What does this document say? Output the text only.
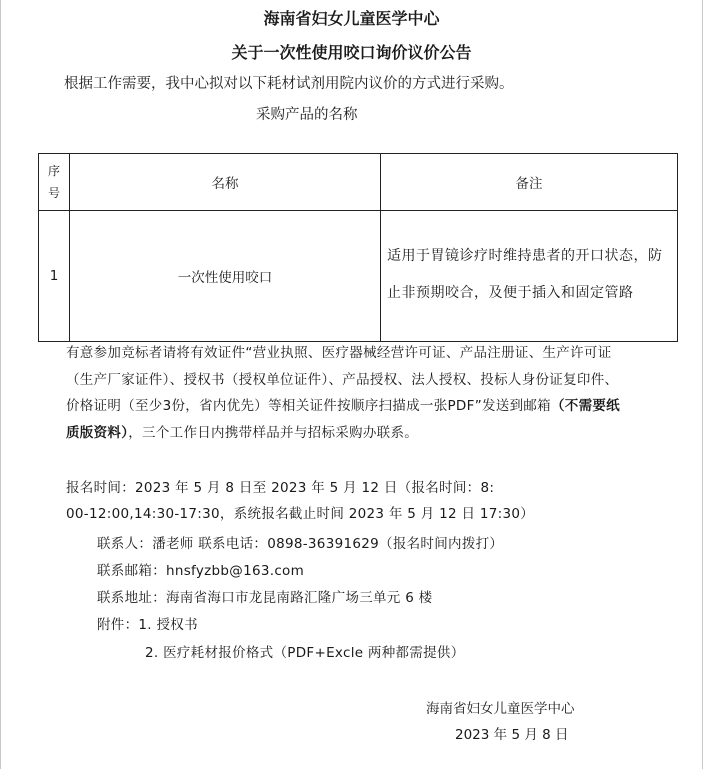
海南省妇女儿童医学中心
关于一次性使用咬口询价议价公告
根据工作需要，我中心拟对以下耗材试剂用院内议价的方式进行采购。
采购产品的名称
序号	名称	备注
1	一次性使用咬口	适用于胃镜诊疗时维持患者的开口状态，防止非预期咬合，及便于插入和固定管路
有意参加竞标者请将有效证件“营业执照、医疗器械经营许可证、产品注册证、生产许可证（生产厂家证件）、授权书（授权单位证件）、产品授权、法人授权、投标人身份证复印件、价格证明（至少3份，省内优先）等相关证件按顺序扫描成一张PDF”发送到邮箱（不需要纸质版资料），三个工作日内携带样品并与招标采购办联系。
报名时间：2023 年 5 月 8 日至 2023 年 5 月 12 日（报名时间：8:
00-12:00,14:30-17:30，系统报名截止时间 2023 年 5 月 12 日 17:30）
联系人：潘老师 联系电话：0898-36391629（报名时间内拨打）
联系邮箱：hnsfyzbb@163.com
联系地址：海南省海口市龙昆南路汇隆广场三单元 6 楼
附件：1. 授权书
2. 医疗耗材报价格式（PDF+Excle 两种都需提供）
海南省妇女儿童医学中心
2023 年 5 月 8 日
